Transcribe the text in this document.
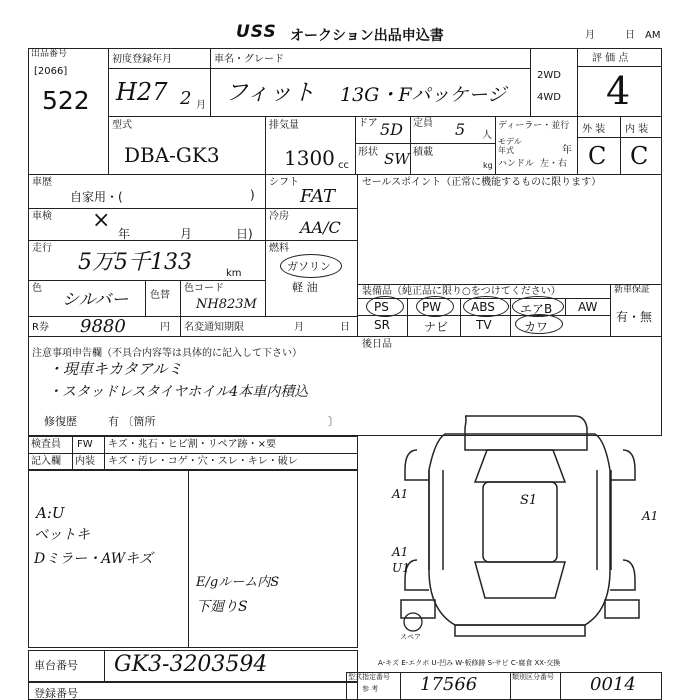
USS オークション出品申込書	月	日 AM
出品番号
[2066]
522
初度登録年月
H27 2 月
車名・グレード
フィット 13G・Fパッケージ
2WD
4WD
評 価 点
4
型式
DBA-GK3
排気量
1300 cc
ドア 5D 定員 5 人
形状 SW 積載
kg
ディーラー・並行
モデル
年式	年
ハンドル 左・右
外 装 内 装
C C
車歴
自家用・(	)
シフト
FAT
セールスポイント（正常に機能するものに限ります）
車検 ×
年	月	日)
冷房
AA/C
走行
5万5千133	km
燃料
ガソリン
軽 油
色
シルバー 色替
色コード
NH823M
装備品（純正品に限り○をつけてください）	新車保証
有・無
PS	PW ABS エアB AW
SR	ナビ TV	カワ
R券 9880	円 名変通知期限	月	日
後日品
注意事項申告欄（不具合内容等は具体的に記入して下さい）
・現車キカタアルミ
・スタッドレスタイヤホイル4本車内積込
修復歴	有 〔箇所	〕
検査員
記入欄
FW キズ・兆石・ヒビ割・リペア跡・×要
内装 キズ・汚レ・コゲ・穴・スレ・キレ・破レ
A:U
ベットキ
Dミラー・AWキズ
E/gルーム内S
下廻りS
A1
A1
U1
A1
S1
スペア
A-キズ E-エクボ U-凹み W-板修跡 S-サビ C-腐食 XX-交換
車台番号 GK3-3203594
登録番号
型式指定番号
参 考 17566	類別区分番号 0014
